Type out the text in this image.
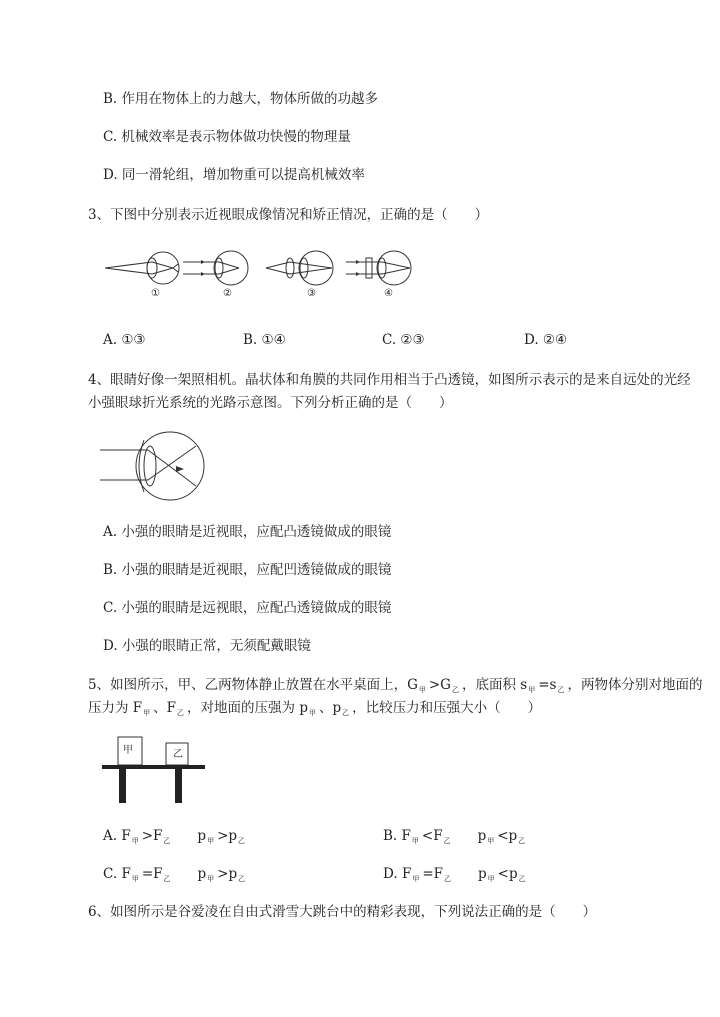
B. 作用在物体上的力越大，物体所做的功越多
C. 机械效率是表示物体做功快慢的物理量
D. 同一滑轮组，增加物重可以提高机械效率
3、下图中分别表示近视眼成像情况和矫正情况，正确的是（　　）
①	②	③	④
A. ①③	B. ①④	C. ②③	D. ②④
4、眼睛好像一架照相机。晶状体和角膜的共同作用相当于凸透镜，如图所示表示的是来自远处的光经
小强眼球折光系统的光路示意图。下列分析正确的是（　　）
A. 小强的眼睛是近视眼，应配凸透镜做成的眼镜
B. 小强的眼睛是近视眼，应配凹透镜做成的眼镜
C. 小强的眼睛是远视眼，应配凸透镜做成的眼镜
D. 小强的眼睛正常，无须配戴眼镜
5、如图所示，甲、乙两物体静止放置在水平桌面上，$G_甲 >G_乙$ ，底面积 $s_甲 =s_乙$ ，两物体分别对地面的
压力为 $F_甲$ 、$F_乙$ ，对地面的压强为 $p_甲$ 、$p_乙$ ，比较压力和压强大小（　　）
甲	乙
A. $F_甲 >F_乙$ $p_甲 >p_乙$	B. $F_甲 <F_乙$ $p_甲 <p_乙$
C. $F_甲 =F_乙$ $p_甲 >p_乙$	D. $F_甲 =F_乙$ $p_甲 <p_乙$
6、如图所示是谷爱凌在自由式滑雪大跳台中的精彩表现，下列说法正确的是（　　）
